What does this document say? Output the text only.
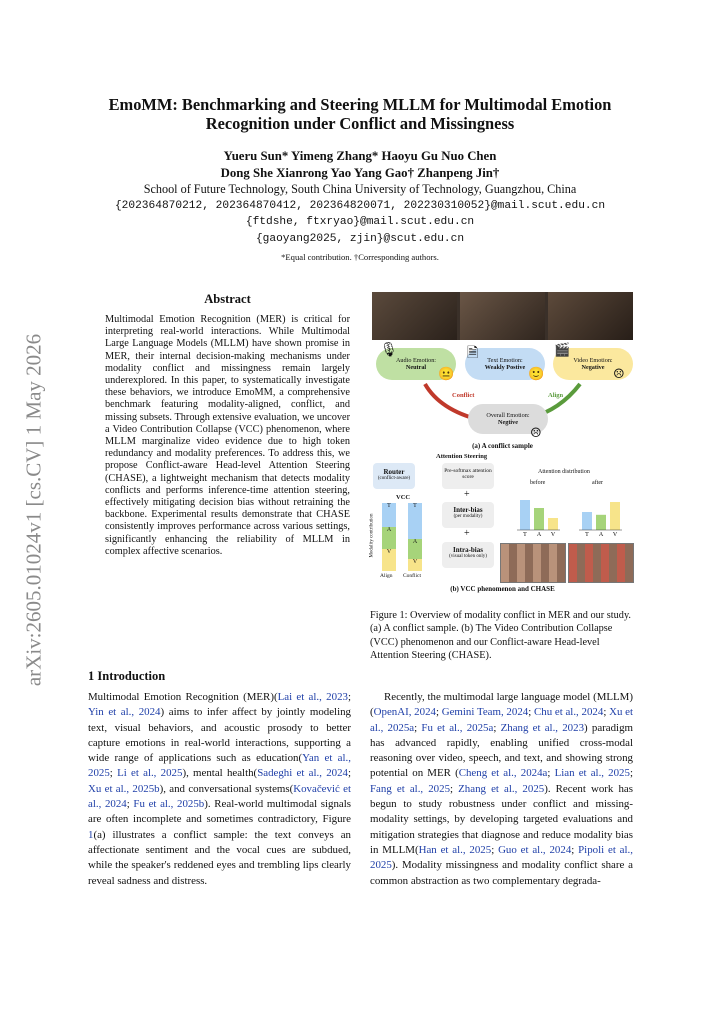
arXiv:2605.01024v1 [cs.CV] 1 May 2026
EmoMM: Benchmarking and Steering MLLM for Multimodal Emotion Recognition under Conflict and Missingness
Yueru Sun* Yimeng Zhang* Haoyu Gu Nuo Chen
Dong She Xianrong Yao Yang Gao† Zhanpeng Jin†
School of Future Technology, South China University of Technology, Guangzhou, China
{202364870212, 202364870412, 202364820071, 202230310052}@mail.scut.edu.cn
{ftdshe, ftxryao}@mail.scut.edu.cn
{gaoyang2025, zjin}@scut.edu.cn
*Equal contribution. †Corresponding authors.
Abstract
Multimodal Emotion Recognition (MER) is critical for interpreting real-world interactions. While Multimodal Large Language Models (MLLM) have shown promise in MER, their internal decision-making mechanisms under modality conflict and missingness remain largely underexplored. In this paper, to systematically investigate these behaviors, we introduce EmoMM, a comprehensive benchmark featuring modality-aligned, conflict, and missing subsets. Through extensive evaluation, we uncover a Video Contribution Collapse (VCC) phenomenon, where MLLM marginalize video evidence due to high token redundancy and modality preferences. To address this, we propose Conflict-aware Head-level Attention Steering (CHASE), a lightweight mechanism that detects modality conflicts and performs inference-time attention steering, effectively mitigating decision bias without retraining the backbone. Experimental results demonstrate that CHASE consistently improves performance across various settings, significantly enhancing the reliability of MLLM in complex affective scenarios.
1 Introduction
Multimodal Emotion Recognition (MER)(Lai et al., 2023; Yin et al., 2024) aims to infer affect by jointly modeling text, visual behaviors, and acoustic prosody to better capture emotions in real-world interactions, supporting a wide range of applications such as education(Yan et al., 2025; Li et al., 2025), mental health(Sadeghi et al., 2024; Xu et al., 2025b), and conversational systems(Kovačević et al., 2024; Fu et al., 2025b). Real-world multimodal signals are often incomplete and sometimes contradictory, Figure 1(a) illustrates a conflict sample: the text conveys an affectionate sentiment and the vocal cues are subdued, while the speaker's reddened eyes and trembling lips clearly reveal sadness and distress.
Recently, the multimodal large language model (MLLM) (OpenAI, 2024; Gemini Team, 2024; Chu et al., 2024; Xu et al., 2025a; Fu et al., 2025a; Zhang et al., 2023) paradigm has advanced rapidly, enabling unified cross-modal reasoning over video, speech, and text, and showing strong potential on MER (Cheng et al., 2024a; Lian et al., 2025; Fang et al., 2025; Zhang et al., 2025). Recent work has begun to study robustness under conflict and missing-modality settings, by developing targeted evaluations and mitigation strategies that diagnose and reduce modality bias in MLLM(Han et al., 2025; Guo et al., 2024; Pipoli et al., 2025). Modality missingness and modality conflict share a common abstraction as two complementary degrada-
Audio Emotion:
Neutral
🎙
😐
Text Emotion:
Weakly Postive
🗎
🙂
Video Emotion:
Negative
🎬
☹
Conflict	Align
Overall Emotion:
Negtive
☹
(a) A conflict sample
Attention Steering
Router
(conflict-aware)
Pre-softmax attention score
+
Inter-bias
(per modality)
+
Intra-bias
(visual token only)
VCC
Modality contribution
T
A
V
T
A
V
Align Conflict
Attention distribution
before	after
T A V	T A V
(b) VCC phenomenon and CHASE
Figure 1: Overview of modality conflict in MER and our study. (a) A conflict sample. (b) The Video Contribution Collapse (VCC) phenomenon and our Conflict-aware Head-level Attention Steering (CHASE).
